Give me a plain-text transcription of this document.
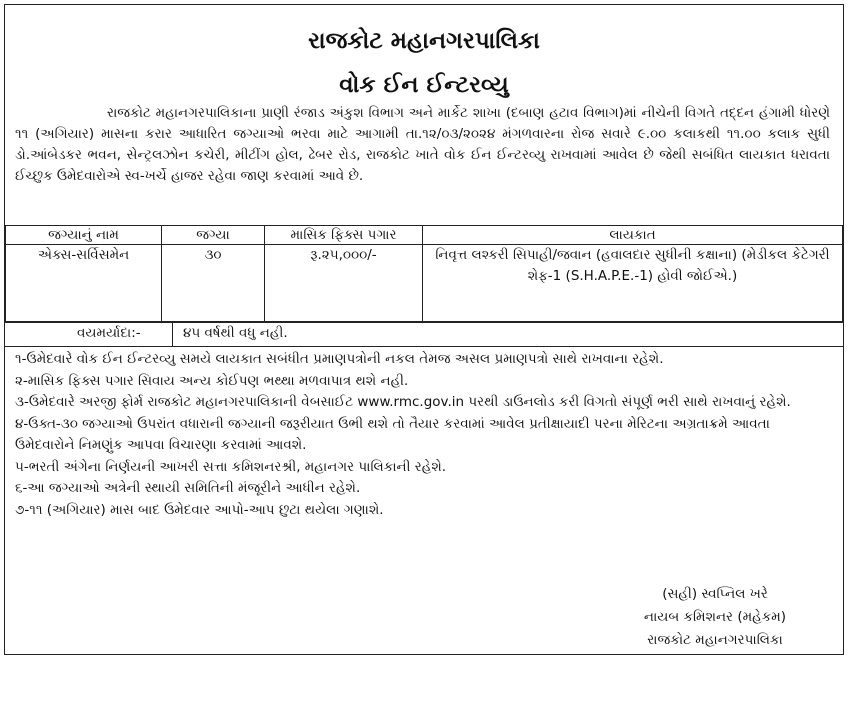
રાજકોટ મહાનગરપાલિકા
વોક ઈન ઈન્ટરવ્યુ
રાજકોટ મહાનગરપાલિકાના પ્રાણી રંજાડ અંકુશ વિભાગ અને માર્કેટ શાખા (દબાણ હટાવ વિભાગ)માં નીચેની વિગતે તદ્દન હંગામી ધોરણે ૧૧ (અગિયાર) માસના કરાર આધારિત જગ્યાઓ ભરવા માટે આગામી તા.૧૨/૦૩/૨૦૨૪ મંગળવારના રોજ સવારે ૯.૦૦ કલાકથી ૧૧.૦૦ કલાક સુધી ડો.આંબેડકર ભવન, સેન્ટ્રલઝોન કચેરી, મીટીંગ હોલ, ઢેબર રોડ, રાજકોટ ખાતે વોક ઈન ઈન્ટરવ્યુ રાખવામાં આવેલ છે જેથી સબંધિત લાયકાત ધરાવતા ઈચ્છુક ઉમેદવારોએ સ્વ-ખર્ચે હાજર રહેવા જાણ કરવામાં આવે છે.
જગ્યાનું નામ	જગ્યા	માસિક ફિક્સ પગાર	લાયકાત
એક્સ-સર્વિસમેન	૩૦	રૂ.૨૫,૦૦૦/-	નિવૃત્ત લશ્કરી સિપાહી/જવાન (હવાલદાર સુધીની કક્ષાના) (મેડીકલ કેટેગરી શેફ-1 (S.H.A.P.E.-1) હોવી જોઈએ.)
વયમર્યાદા:-	૪૫ વર્ષથી વધુ નહી.

૧-ઉમેદવારે વોક ઈન ઈન્ટરવ્યુ સમયે લાયકાત સબંધીત પ્રમાણપત્રોની નકલ તેમજ અસલ પ્રમાણપત્રો સાથે રાખવાના રહેશે.

૨-માસિક ફિક્સ પગાર સિવાય અન્ય કોઈપણ ભથ્થા મળવાપાત્ર થશે નહી.

૩-ઉમેદવારે અરજી ફોર્મ રાજકોટ મહાનગરપાલિકાની વેબસાઈટ www.rmc.gov.in પરથી ડાઉનલોડ કરી વિગતો સંપૂર્ણ ભરી સાથે રાખવાનું રહેશે.

૪-ઉક્ત-૩૦ જગ્યાઓ ઉપરાંત વધારાની જગ્યાની જરૂરીયાત ઉભી થશે તો તૈયાર કરવામાં આવેલ પ્રતીક્ષાયાદી પરના મેરિટના અગ્રતાક્રમે આવતા ઉમેદવારોને નિમણુંક આપવા વિચારણા કરવામાં આવશે.

૫-ભરતી અંગેના નિર્ણયની આખરી સત્તા કમિશનરશ્રી, મહાનગર પાલિકાની રહેશે.

૬-આ જગ્યાઓ અત્રેની સ્થાયી સમિતિની મંજૂરીને આધીન રહેશે.

૭-૧૧ (અગિયાર) માસ બાદ ઉમેદવાર આપો-આપ છુટા થયેલા ગણાશે.

(સહી) સ્વપ્નિલ ખરે
નાયબ કમિશનર (મહેકમ)
રાજકોટ મહાનગરપાલિકા
